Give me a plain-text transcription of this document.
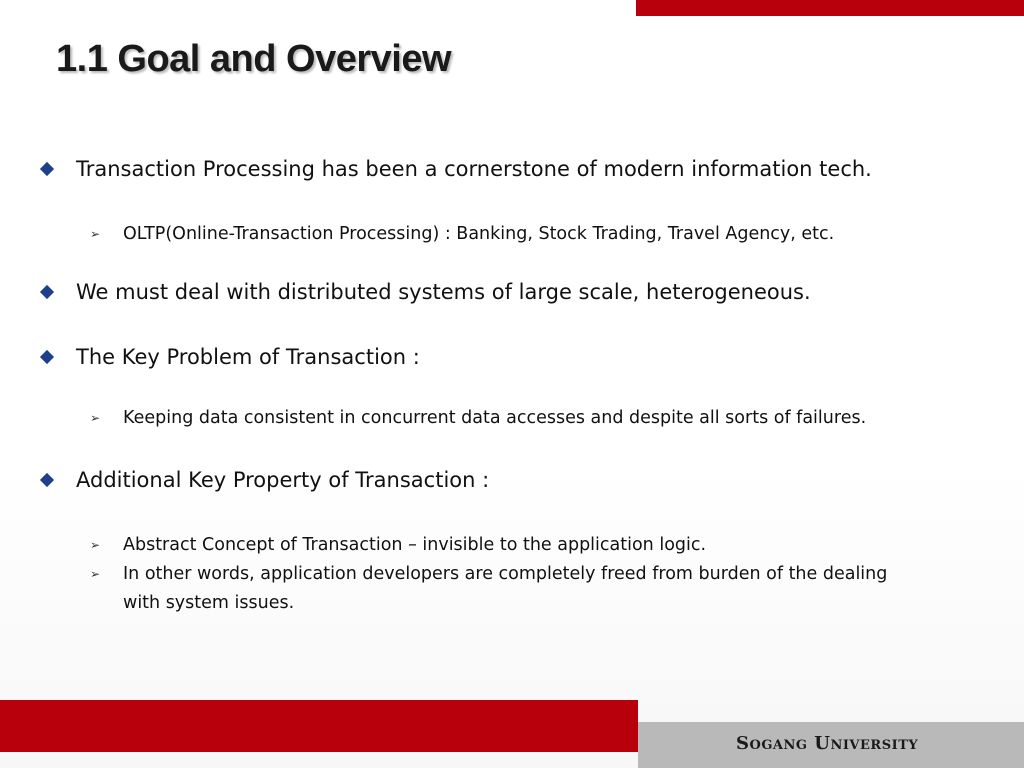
1.1 Goal and Overview
Transaction Processing has been a cornerstone of modern information tech.
➢	OLTP(Online-Transaction Processing) : Banking, Stock Trading, Travel Agency, etc.
We must deal with distributed systems of large scale, heterogeneous.
The Key Problem of Transaction :
➢	Keeping data consistent in concurrent data accesses and despite all sorts of failures.
Additional Key Property of Transaction :
➢	Abstract Concept of Transaction – invisible to the application logic.
➢	In other words, application developers are completely freed from burden of the dealing with system issues.
Sogang University
